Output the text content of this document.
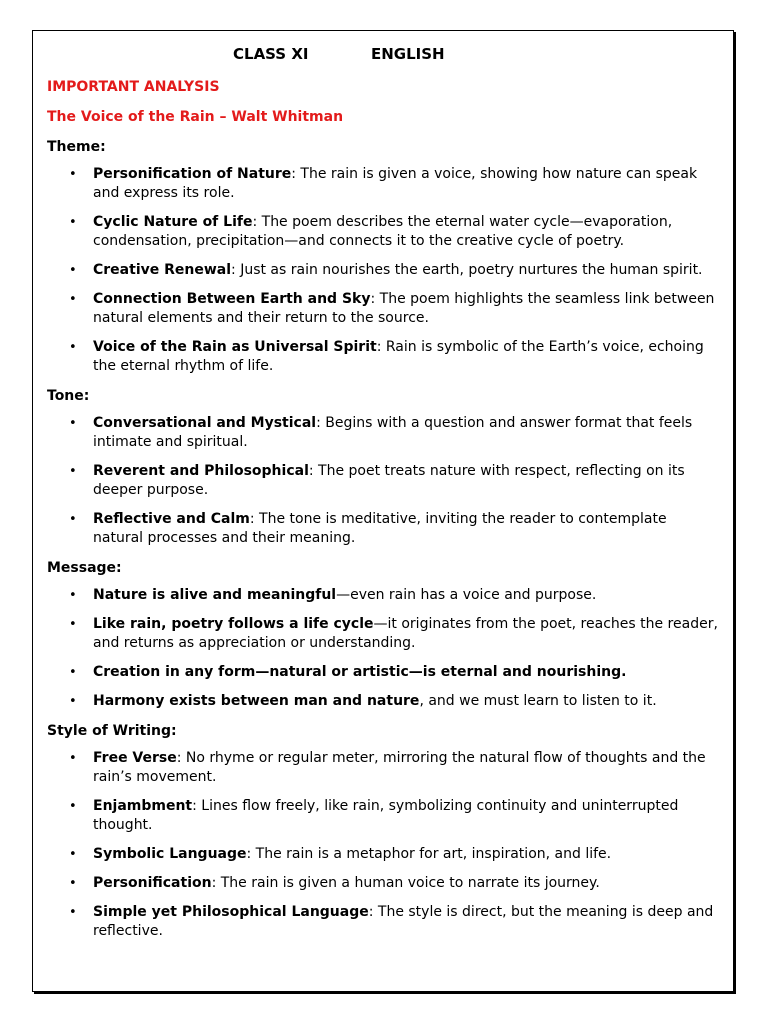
CLASS XI	ENGLISH
IMPORTANT ANALYSIS
The Voice of the Rain – Walt Whitman
Theme:
• Personification of Nature: The rain is given a voice, showing how nature can speak and express its role.
• Cyclic Nature of Life: The poem describes the eternal water cycle—evaporation, condensation, precipitation—and connects it to the creative cycle of poetry.
• Creative Renewal: Just as rain nourishes the earth, poetry nurtures the human spirit.
• Connection Between Earth and Sky: The poem highlights the seamless link between natural elements and their return to the source.
• Voice of the Rain as Universal Spirit: Rain is symbolic of the Earth’s voice, echoing the eternal rhythm of life.
Tone:
• Conversational and Mystical: Begins with a question and answer format that feels intimate and spiritual.
• Reverent and Philosophical: The poet treats nature with respect, reflecting on its deeper purpose.
• Reflective and Calm: The tone is meditative, inviting the reader to contemplate natural processes and their meaning.
Message:
• Nature is alive and meaningful—even rain has a voice and purpose.
• Like rain, poetry follows a life cycle—it originates from the poet, reaches the reader, and returns as appreciation or understanding.
• Creation in any form—natural or artistic—is eternal and nourishing.
• Harmony exists between man and nature, and we must learn to listen to it.
Style of Writing:
• Free Verse: No rhyme or regular meter, mirroring the natural flow of thoughts and the rain’s movement.
• Enjambment: Lines flow freely, like rain, symbolizing continuity and uninterrupted thought.
• Symbolic Language: The rain is a metaphor for art, inspiration, and life.
• Personification: The rain is given a human voice to narrate its journey.
• Simple yet Philosophical Language: The style is direct, but the meaning is deep and reflective.
